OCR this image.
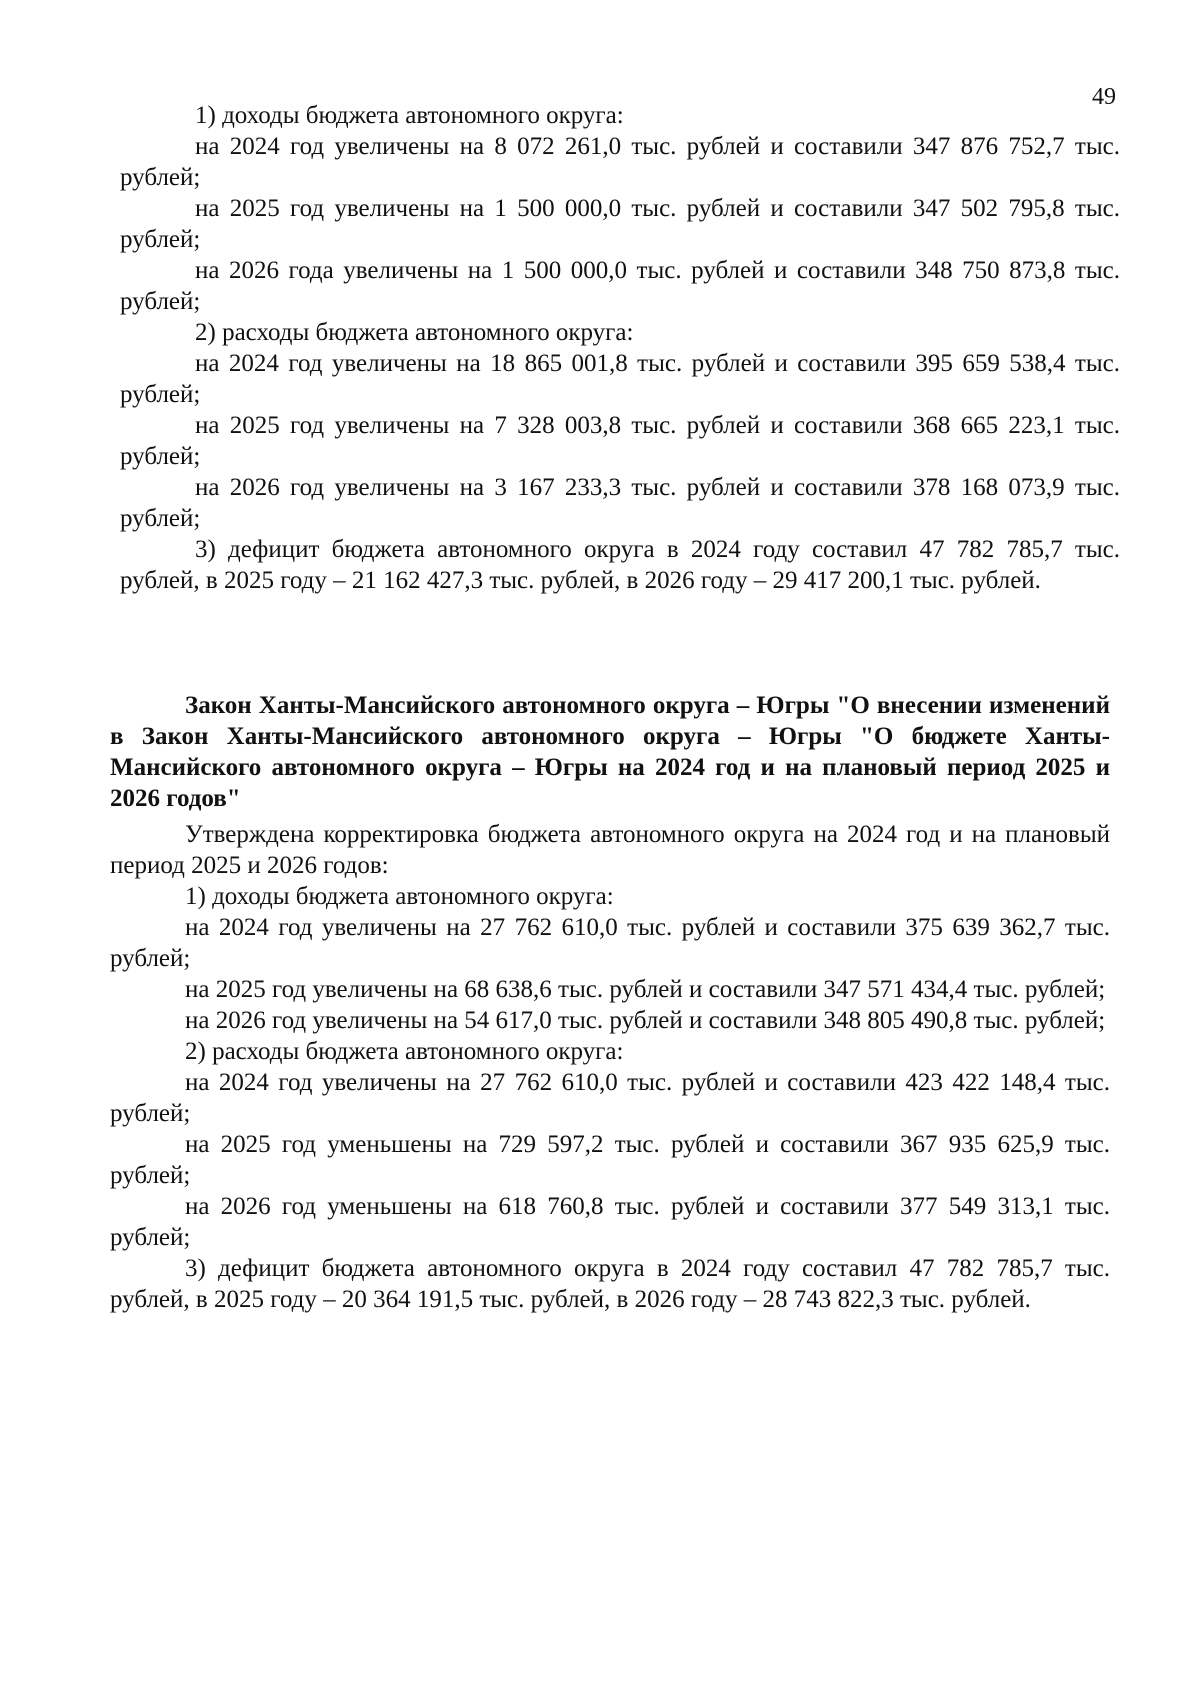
49

1) доходы бюджета автономного округа:

на 2024 год увеличены на 8 072 261,0 тыс. рублей и составили 347 876 752,7 тыс. рублей;

на 2025 год увеличены на 1 500 000,0 тыс. рублей и составили 347 502 795,8 тыс. рублей;

на 2026 года увеличены на 1 500 000,0 тыс. рублей и составили 348 750 873,8 тыс. рублей;

2) расходы бюджета автономного округа:

на 2024 год увеличены на 18 865 001,8 тыс. рублей и составили 395 659 538,4 тыс. рублей;

на 2025 год увеличены на 7 328 003,8 тыс. рублей и составили 368 665 223,1 тыс. рублей;

на 2026 год увеличены на 3 167 233,3 тыс. рублей и составили 378 168 073,9 тыс. рублей;

3) дефицит бюджета автономного округа в 2024 году составил 47 782 785,7 тыс. рублей, в 2025 году – 21 162 427,3 тыс. рублей, в 2026 году – 29 417 200,1 тыс. рублей.

Закон Ханты-Мансийского автономного округа – Югры "О внесении изменений в Закон Ханты-Мансийского автономного округа – Югры "О бюджете Ханты-Мансийского автономного округа – Югры на 2024 год и на плановый период 2025 и 2026 годов"

Утверждена корректировка бюджета автономного округа на 2024 год и на плановый период 2025 и 2026 годов:

1) доходы бюджета автономного округа:

на 2024 год увеличены на 27 762 610,0 тыс. рублей и составили 375 639 362,7 тыс. рублей;

на 2025 год увеличены на 68 638,6 тыс. рублей и составили 347 571 434,4 тыс. рублей;

на 2026 год увеличены на 54 617,0 тыс. рублей и составили 348 805 490,8 тыс. рублей;

2) расходы бюджета автономного округа:

на 2024 год увеличены на 27 762 610,0 тыс. рублей и составили 423 422 148,4 тыс. рублей;

на 2025 год уменьшены на 729 597,2 тыс. рублей и составили 367 935 625,9 тыс. рублей;

на 2026 год уменьшены на 618 760,8 тыс. рублей и составили 377 549 313,1 тыс. рублей;

3) дефицит бюджета автономного округа в 2024 году составил 47 782 785,7 тыс. рублей, в 2025 году – 20 364 191,5 тыс. рублей, в 2026 году – 28 743 822,3 тыс. рублей.
